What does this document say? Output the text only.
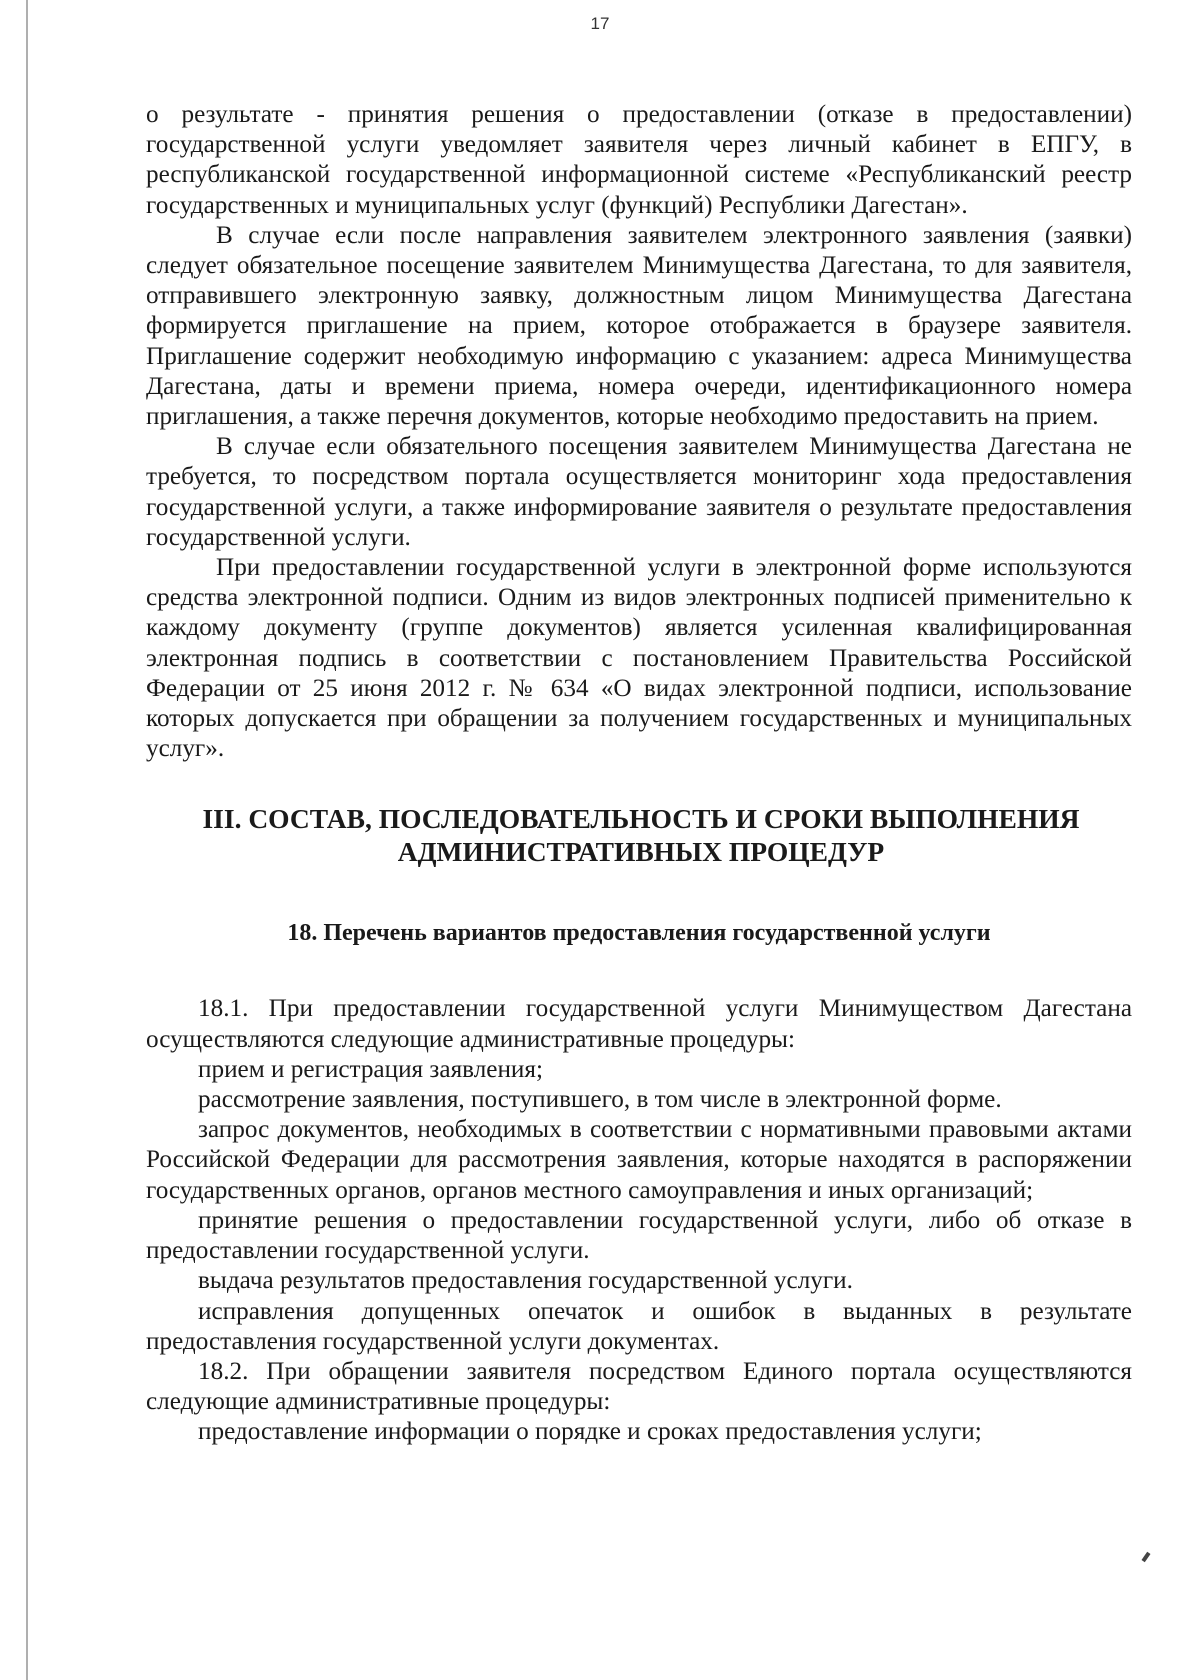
17

о результате - принятия решения о предоставлении (отказе в предоставлении) государственной услуги уведомляет заявителя через личный кабинет в ЕПГУ, в республиканской государственной информационной системе «Республиканский реестр государственных и муниципальных услуг (функций) Республики Дагестан».

В случае если после направления заявителем электронного заявления (заявки) следует обязательное посещение заявителем Минимущества Дагестана, то для заявителя, отправившего электронную заявку, должностным лицом Минимущества Дагестана формируется приглашение на прием, которое отображается в браузере заявителя. Приглашение содержит необходимую информацию с указанием: адреса Минимущества Дагестана, даты и времени приема, номера очереди, идентификационного номера приглашения, а также перечня документов, которые необходимо предоставить на прием.

В случае если обязательного посещения заявителем Минимущества Дагестана не требуется, то посредством портала осуществляется мониторинг хода предоставления государственной услуги, а также информирование заявителя о результате предоставления государственной услуги.

При предоставлении государственной услуги в электронной форме используются средства электронной подписи. Одним из видов электронных подписей применительно к каждому документу (группе документов) является усиленная квалифицированная электронная подпись в соответствии с постановлением Правительства Российской Федерации от 25 июня 2012 г. № 634 «О видах электронной подписи, использование которых допускается при обращении за получением государственных и муниципальных услуг».

III. СОСТАВ, ПОСЛЕДОВАТЕЛЬНОСТЬ И СРОКИ ВЫПОЛНЕНИЯ АДМИНИСТРАТИВНЫХ ПРОЦЕДУР
18. Перечень вариантов предоставления государственной услуги

18.1. При предоставлении государственной услуги Минимуществом Дагестана осуществляются следующие административные процедуры:

прием и регистрация заявления;

рассмотрение заявления, поступившего, в том числе в электронной форме.

запрос документов, необходимых в соответствии с нормативными правовыми актами Российской Федерации для рассмотрения заявления, которые находятся в распоряжении государственных органов, органов местного самоуправления и иных организаций;

принятие решения о предоставлении государственной услуги, либо об отказе в предоставлении государственной услуги.

выдача результатов предоставления государственной услуги.

исправления допущенных опечаток и ошибок в выданных в результате предоставления государственной услуги документах.

18.2. При обращении заявителя посредством Единого портала осуществляются следующие административные процедуры:

предоставление информации о порядке и сроках предоставления услуги;
